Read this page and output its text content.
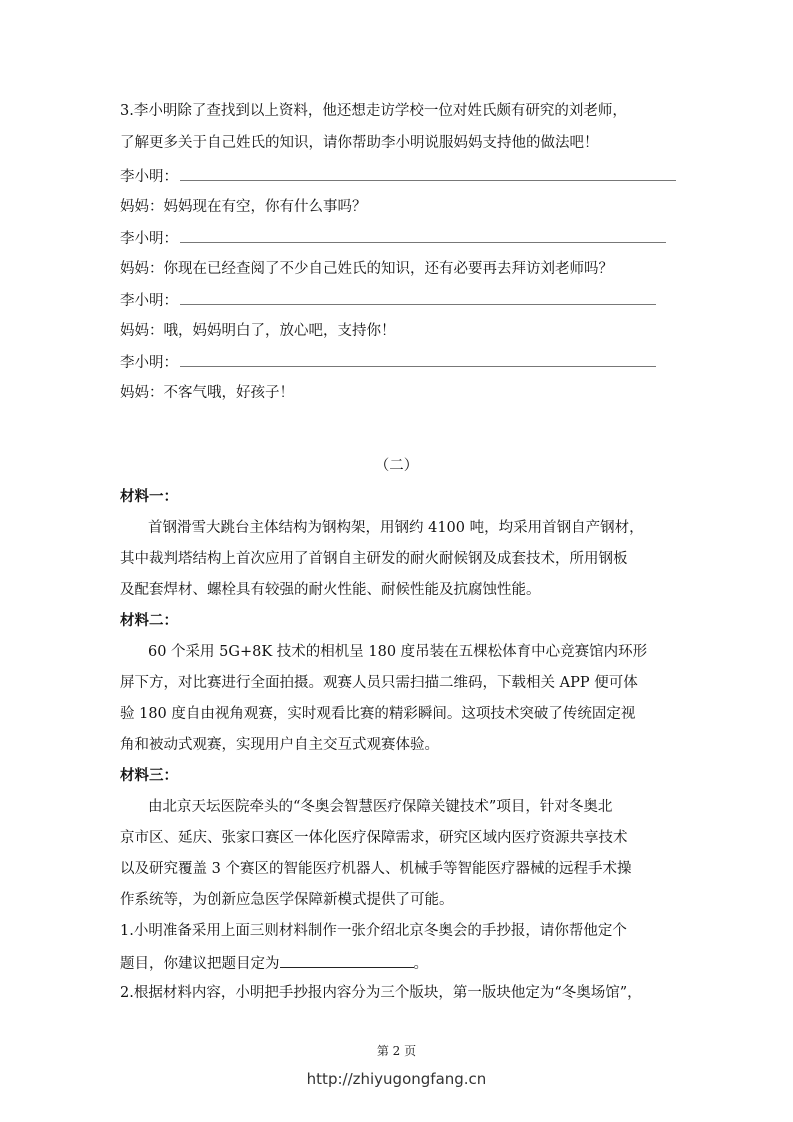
3.李小明除了查找到以上资料，他还想走访学校一位对姓氏颇有研究的刘老师，
了解更多关于自己姓氏的知识，请你帮助李小明说服妈妈支持他的做法吧！
李小明：
妈妈：妈妈现在有空，你有什么事吗？
李小明：
妈妈：你现在已经查阅了不少自己姓氏的知识，还有必要再去拜访刘老师吗？
李小明：
妈妈：哦，妈妈明白了，放心吧，支持你！
李小明：
妈妈：不客气哦，好孩子！
（二）
材料一：
首钢滑雪大跳台主体结构为钢构架，用钢约 4100 吨，均采用首钢自产钢材，
其中裁判塔结构上首次应用了首钢自主研发的耐火耐候钢及成套技术，所用钢板
及配套焊材、螺栓具有较强的耐火性能、耐候性能及抗腐蚀性能。
材料二：
60 个采用 5G+8K 技术的相机呈 180 度吊装在五棵松体育中心竞赛馆内环形
屏下方，对比赛进行全面拍摄。观赛人员只需扫描二维码，下载相关 APP 便可体
验 180 度自由视角观赛，实时观看比赛的精彩瞬间。这项技术突破了传统固定视
角和被动式观赛，实现用户自主交互式观赛体验。
材料三：
由北京天坛医院牵头的“冬奥会智慧医疗保障关键技术”项目，针对冬奥北
京市区、延庆、张家口赛区一体化医疗保障需求，研究区域内医疗资源共享技术
以及研究覆盖 3 个赛区的智能医疗机器人、机械手等智能医疗器械的远程手术操
作系统等，为创新应急医学保障新模式提供了可能。
1.小明准备采用上面三则材料制作一张介绍北京冬奥会的手抄报，请你帮他定个
题目，你建议把题目定为	。
2.根据材料内容，小明把手抄报内容分为三个版块，第一版块他定为“冬奥场馆”，
第 2 页
http://zhiyugongfang.cn
